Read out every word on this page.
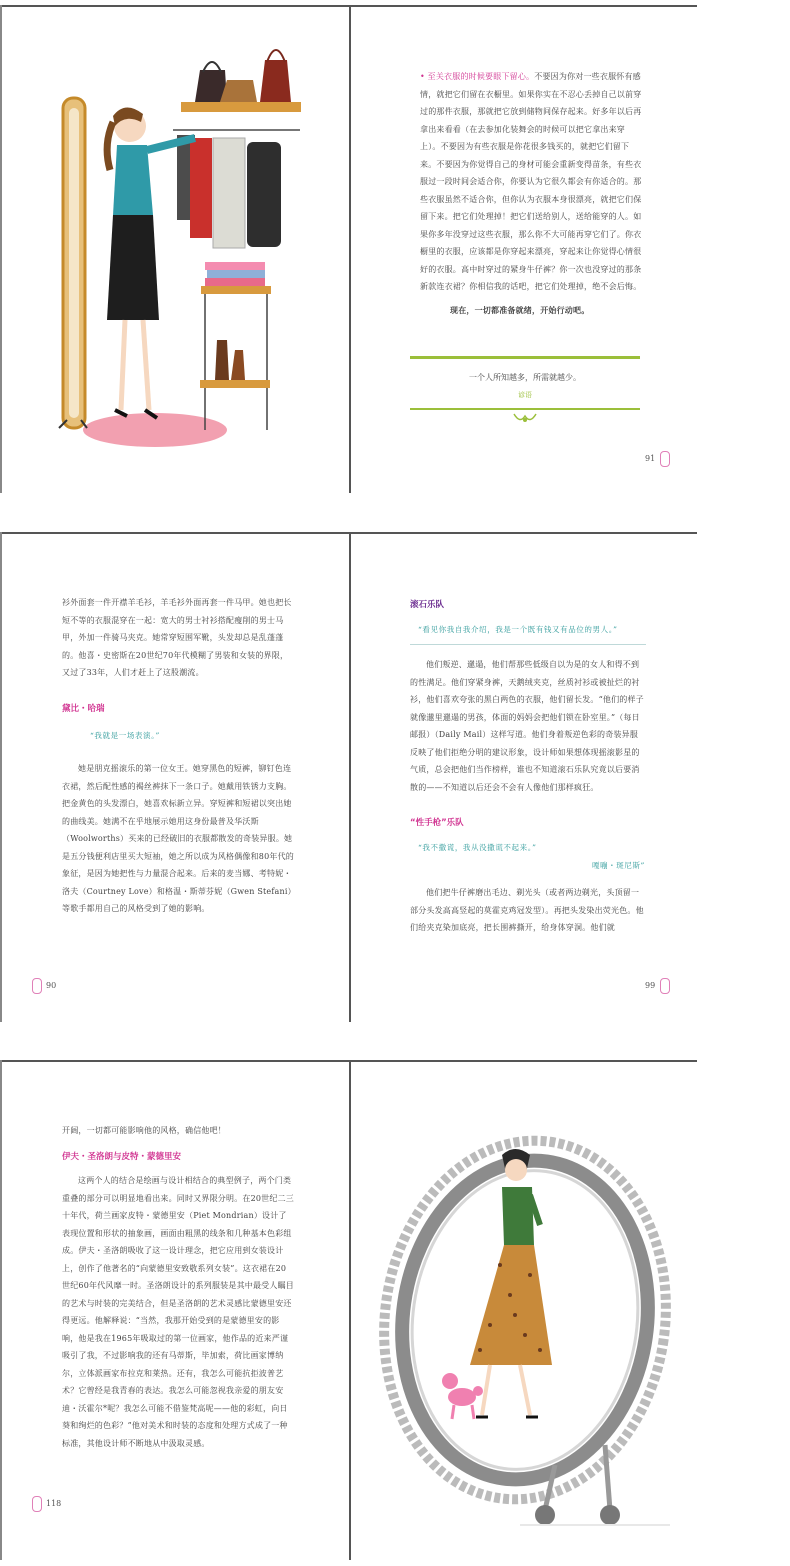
• 至关衣服的时候要眼下留心。不要因为你对一些衣服怀有感情，就把它们留在衣橱里。如果你实在不忍心丢掉自己以前穿过的那件衣服，那就把它放到储物间保存起来。好多年以后再拿出来看看（在去参加化装舞会的时候可以把它拿出来穿上）。不要因为有些衣服是你花很多钱买的，就把它们留下来。不要因为你觉得自己的身材可能会重新变得苗条，有些衣服过一段时间会适合你，你要认为它很久都会有你适合的。那些衣服虽然不适合你，但你认为衣服本身很漂亮，就把它们保留下来。把它们处理掉！把它们送给别人，送给能穿的人。如果你多年没穿过这些衣服，那么你不大可能再穿它们了。你衣橱里的衣服，应该都是你穿起来漂亮，穿起来让你觉得心情很好的衣服。高中时穿过的紧身牛仔裤？你一次也没穿过的那条新款连衣裙？你相信我的话吧，把它们处理掉，绝不会后悔。

现在，一切都准备就绪，开始行动吧。
一个人所知越多，所需就越少。
谚语
91

衫外面套一件开襟羊毛衫，羊毛衫外面再套一件马甲。她也把长短不等的衣服混穿在一起：宽大的男士衬衫搭配瘦削的男士马甲，外加一件骑马夹克。她常穿短围军靴，头发却总是乱蓬蓬的。他喜・史密斯在20世纪70年代模糊了男装和女装的界限，又过了33年，人们才赶上了这股潮流。

黛比・哈瑞
“我就是一场表演。”

她是朋克摇滚乐的第一位女王。她穿黑色的短裤，铆钉色连衣裙，然后配性感的褐丝裤抹下一条口子。她戴用铁锈力支胸。把金黄色的头发漂白，她喜欢标新立异。穿短裤和短裙以突出她的曲线美。她满不在乎地展示她用这身份最普及华沃斯（Woolworths）买来的已经破旧的衣服都散发的奇装异服。她是五分钱便利店里买大短袖，她之所以成为风格偶像和80年代的象征，是因为她把性与力量混合起来。后来的麦当娜、考特妮・洛夫（Courtney Love）和格温・斯蒂芬妮（Gwen Stefani）等歌手都用自己的风格受到了她的影响。

90
滚石乐队
“看见你我自我介绍，我是一个既有钱又有品位的男人。”

他们叛逆、邋遢，他们帮那些低级自以为是的女人和得不到的性满足。他们穿紧身裤，天鹅绒夹克，丝质衬衫或被扯烂的衬衫，他们喜欢夸张的黑白两色的衣服，他们留长发。“他们的样子就像邋里邋遢的男孩，体面的妈妈会把他们锁在卧室里。”（每日邮报）（Daily Mail）这样写道。他们身着叛逆色彩的奇装异服反映了他们拒绝分明的建议形象，设计师如果想体现摇滚影星的气质，总会把他们当作榜样，谁也不知道滚石乐队究竟以后要消散的——不知道以后还会不会有人像他们那样疯狂。

“性手枪”乐队
“我不撒谎，我从没撒谎不起来。”
嘎嘣・斑尼斯”

他们把牛仔裤磨出毛边、剃光头（或者两边剃光，头顶留一部分头发高高竖起的莫霍克鸡冠发型）。再把头发染出荧光色。他们给夹克染加底亮，把长围裤撕开，给身体穿洞。他们就

99
开阔，一切都可能影响他的风格，确信他吧！
伊夫・圣洛朗与皮特・蒙德里安

这两个人的结合是绘画与设计相结合的典型例子，两个门类重叠的部分可以明显地看出来。同时又界限分明。在20世纪二三十年代，荷兰画家皮特・蒙德里安（Piet Mondrian）设计了表现位置和形状的抽象画，画面由粗黑的线条和几种基本色彩组成。伊夫・圣洛朗吸收了这一设计理念，把它应用到女装设计上，创作了他著名的“向蒙德里安致敬系列女装”。这衣裙在20世纪60年代风靡一时。圣洛朗设计的系列服装是其中最受人瞩目的艺术与时装的完美结合，但是圣洛朗的艺术灵感比蒙德里安还得更远。他解释说：“当然，我那开始受到的是蒙德里安的影响，他是我在1965年吸取过的第一位画家，他作品的近来严谨吸引了我，不过影响我的还有马蒂斯，毕加索，荷比画家博纳尔，立体派画家布拉克和莱热。还有，我怎么可能抗拒波普艺术？它曾经是我青春的表达。我怎么可能忽视我亲爱的朋友安迪・沃霍尔*呢？我怎么可能不借鉴梵高呢——他的彩虹，向日葵和绚烂的色彩？”他对美术和时装的态度和处理方式成了一种标准，其他设计师不断地从中汲取灵感。

118
